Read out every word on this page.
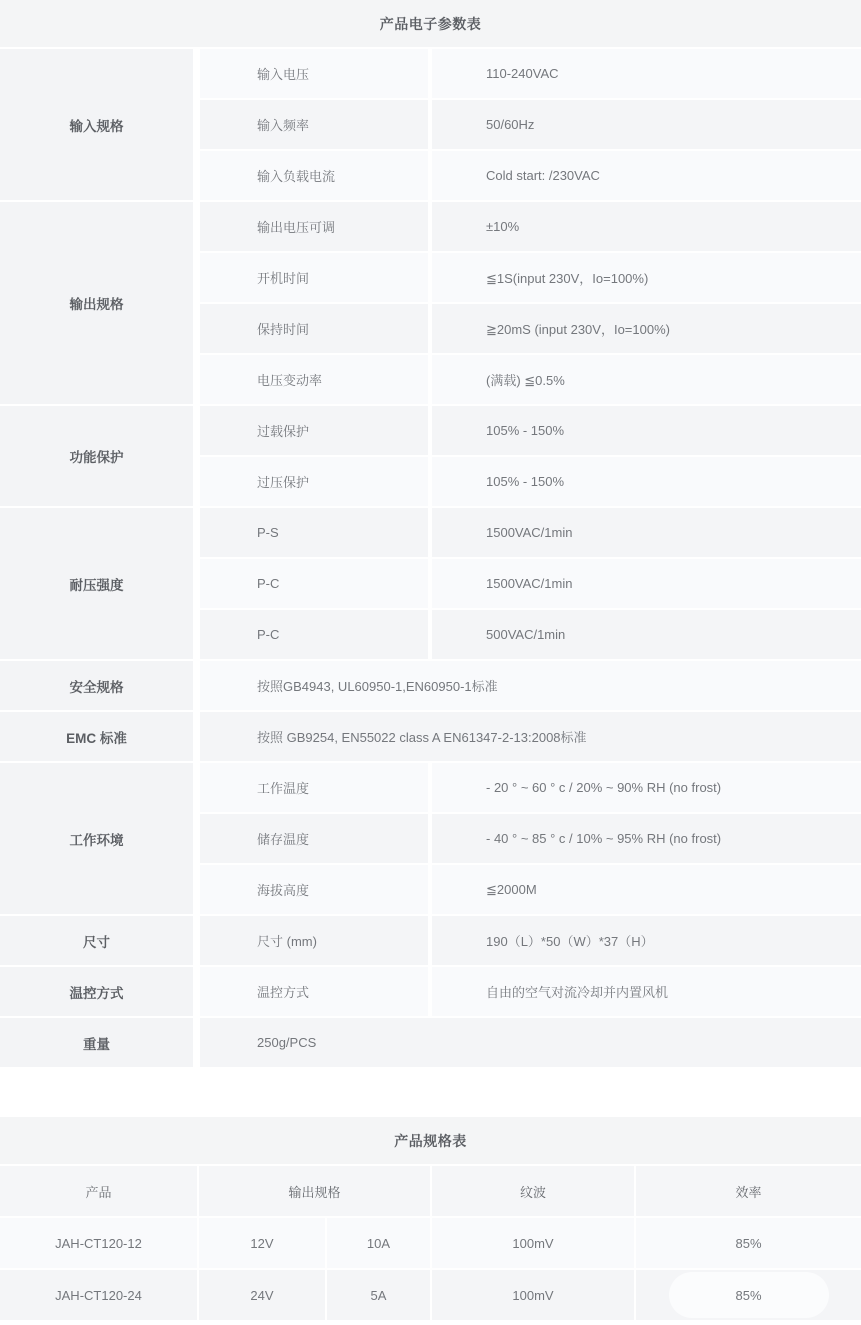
产品电子参数表
输入规格
输入电压	110-240VAC
输入频率	50/60Hz
输入负载电流	Cold start: /230VAC
输出规格
输出电压可调	±10%
开机时间	≦1S(input 230V，Io=100%)
保持时间	≧20mS (input 230V，Io=100%)
电压变动率	(满载) ≦0.5%
功能保护
过载保护	105% - 150%
过压保护	105% - 150%
耐压强度
P-S	1500VAC/1min
P-C	1500VAC/1min
P-C	500VAC/1min
安全规格	按照GB4943, UL60950-1,EN60950-1标准
EMC 标准	按照 GB9254, EN55022 class A EN61347-2-13:2008标准
工作环境
工作温度	- 20 ° ~ 60 ° c / 20% ~ 90% RH (no frost)
储存温度	- 40 ° ~ 85 ° c / 10% ~ 95% RH (no frost)
海拔高度	≦2000M
尺寸	尺寸 (mm)	190（L）*50（W）*37（H）
温控方式	温控方式	自由的空气对流冷却并内置风机
重量	250g/PCS
产品规格表
产品	输出规格	纹波	效率
JAH-CT120-12	12V	10A	100mV	85%
JAH-CT120-24	24V	5A	100mV	85%
